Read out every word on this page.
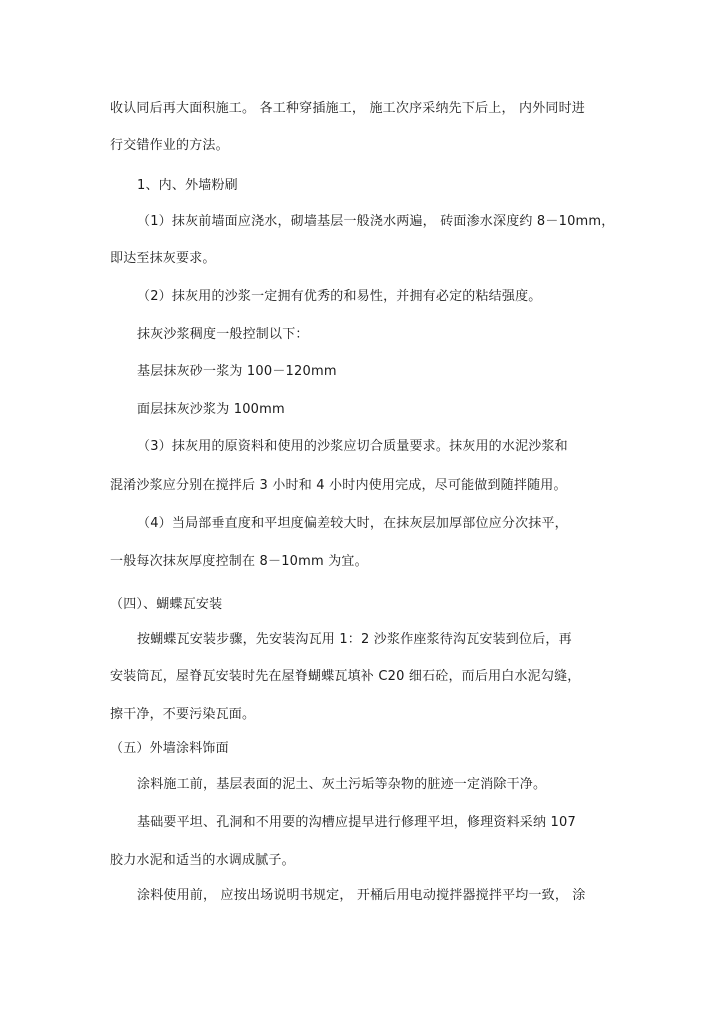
收认同后再大面积施工。 各工种穿插施工， 施工次序采纳先下后上， 内外同时进
行交错作业的方法。
1、内、外墙粉刷
（1）抹灰前墙面应浇水，砌墙基层一般浇水两遍， 砖面渗水深度约 8－10mm，
即达至抹灰要求。
（2）抹灰用的沙浆一定拥有优秀的和易性，并拥有必定的粘结强度。
抹灰沙浆稠度一般控制以下：
基层抹灰砂一浆为 100－120mm
面层抹灰沙浆为 100mm
（3）抹灰用的原资料和使用的沙浆应切合质量要求。抹灰用的水泥沙浆和
混淆沙浆应分别在搅拌后 3 小时和 4 小时内使用完成，尽可能做到随拌随用。
（4）当局部垂直度和平坦度偏差较大时，在抹灰层加厚部位应分次抹平，
一般每次抹灰厚度控制在 8－10mm 为宜。
（四）、蝴蝶瓦安装
按蝴蝶瓦安装步骤，先安装沟瓦用 1：2 沙浆作座浆待沟瓦安装到位后，再
安装筒瓦，屋脊瓦安装时先在屋脊蝴蝶瓦填补 C20 细石砼，而后用白水泥勾缝，
擦干净，不要污染瓦面。
（五）外墙涂料饰面
涂料施工前，基层表面的泥土、灰土污垢等杂物的脏迹一定消除干净。
基础要平坦、孔洞和不用要的沟槽应提早进行修理平坦，修理资料采纳 107
胶力水泥和适当的水调成腻子。
涂料使用前， 应按出场说明书规定， 开桶后用电动搅拌器搅拌平均一致， 涂
